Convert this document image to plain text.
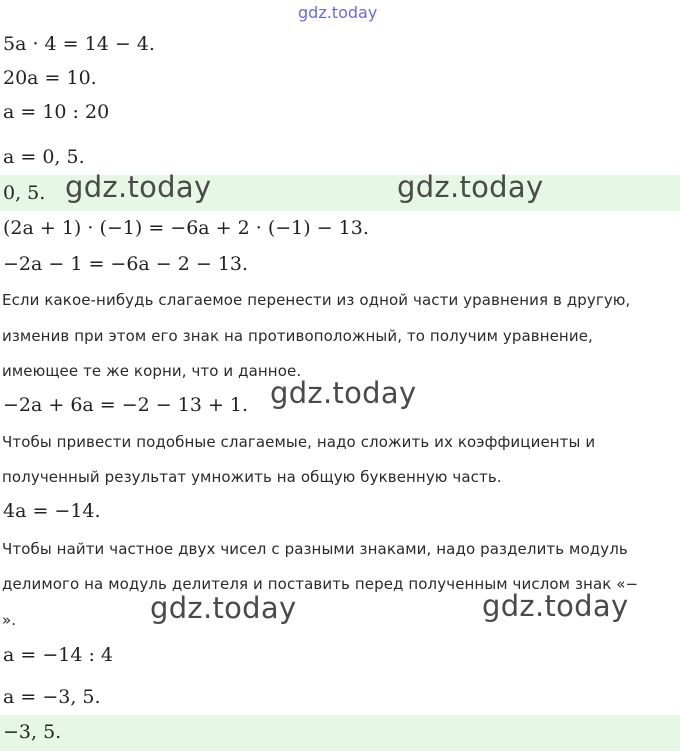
gdz.today
5a · 4 = 14 − 4.
20a = 10.
a = 10 : 20
a = 0, 5.
0, 5. gdz.today	gdz.today
(2a + 1) · (−1) = −6a + 2 · (−1) − 13.
−2a − 1 = −6a − 2 − 13.
Если какое-нибудь слагаемое перенести из одной части уравнения в другую,
изменив при этом его знак на противоположный, то получим уравнение,
имеющее те же корни, что и данное.
−2a + 6a = −2 − 13 + 1. gdz.today
Чтобы привести подобные слагаемые, надо сложить их коэффициенты и
полученный результат умножить на общую буквенную часть.
4a = −14.
Чтобы найти частное двух чисел с разными знаками, надо разделить модуль
делимого на модуль делителя и поставить перед полученным числом знак «−
».	gdz.today	gdz.today
a = −14 : 4
a = −3, 5.
−3, 5.
